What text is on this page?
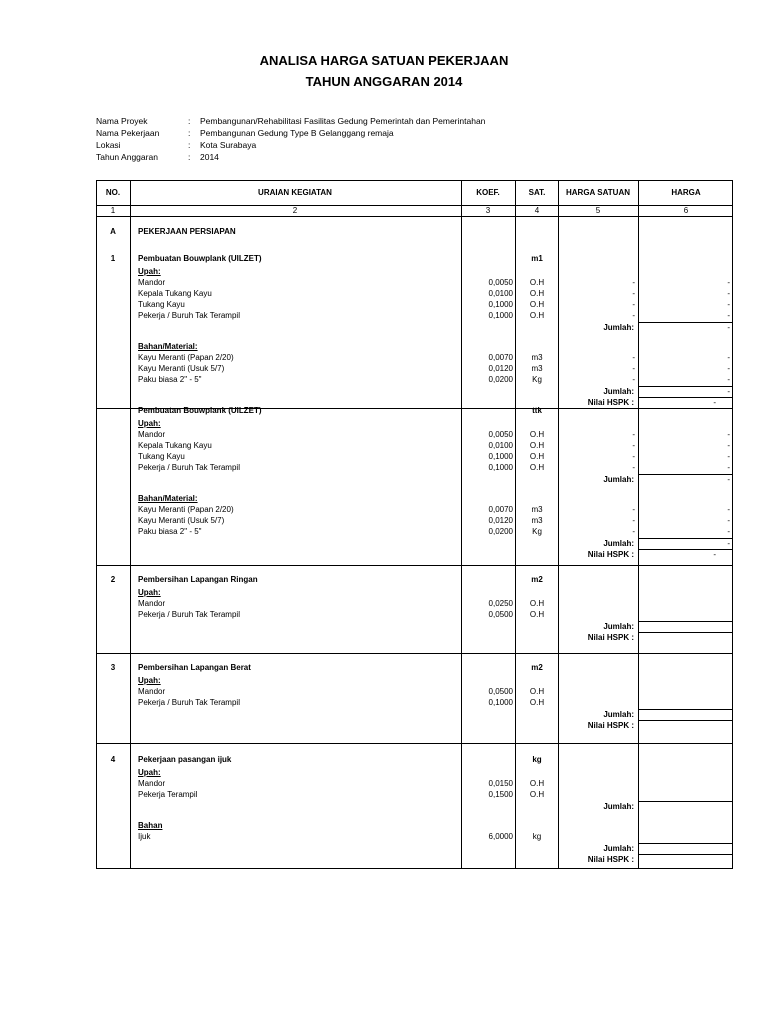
ANALISA HARGA SATUAN PEKERJAAN
TAHUN ANGGARAN 2014
Nama Proyek	: Pembangunan/Rehabilitasi Fasilitas Gedung Pemerintah dan Pemerintahan
Nama Pekerjaan	: Pembangunan Gedung Type B Gelanggang remaja
Lokasi	: Kota Surabaya
Tahun Anggaran	: 2014
NO.	URAIAN KEGIATAN	KOEF.	SAT.	HARGA SATUAN	HARGA
1	2	3	4	5	6
A	PEKERJAAN PERSIAPAN
1	Pembuatan Bouwplank (UILZET)	m1
Upah:
Mandor	0,0050 O.H	-	-
Kepala Tukang Kayu	0,0100 O.H	-	-
Tukang Kayu	0,1000 O.H	-	-
Pekerja / Buruh Tak Terampil	0,1000 O.H	-	-
Jumlah:	-
Bahan/Material:
Kayu Meranti (Papan 2/20)	0,0070 m3	-	-
Kayu Meranti (Usuk 5/7)	0,0120 m3	-	-
Paku biasa 2" - 5"	0,0200 Kg	-	-
Jumlah:	-
Nilai HSPK :	-
Pembuatan Bouwplank (UILZET)	ttk
Upah:
Mandor	0,0050 O.H	-	-
Kepala Tukang Kayu	0,0100 O.H	-	-
Tukang Kayu	0,1000 O.H	-	-
Pekerja / Buruh Tak Terampil	0,1000 O.H	-	-
Jumlah:	-
Bahan/Material:
Kayu Meranti (Papan 2/20)	0,0070 m3	-	-
Kayu Meranti (Usuk 5/7)	0,0120 m3	-	-
Paku biasa 2" - 5"	0,0200 Kg	-	-
Jumlah:	-
Nilai HSPK :	-
2	Pembersihan Lapangan Ringan	m2
Upah:
Mandor	0,0250 O.H
Pekerja / Buruh Tak Terampil	0,0500 O.H
Jumlah:
Nilai HSPK :
3	Pembersihan Lapangan Berat	m2
Upah:
Mandor	0,0500 O.H
Pekerja / Buruh Tak Terampil	0,1000 O.H
Jumlah:
Nilai HSPK :
4	Pekerjaan pasangan ijuk	kg
Upah:
Mandor	0,0150 O.H
Pekerja Terampil	0,1500 O.H
Jumlah:
Bahan
Ijuk	6,0000 kg
Jumlah:
Nilai HSPK :
